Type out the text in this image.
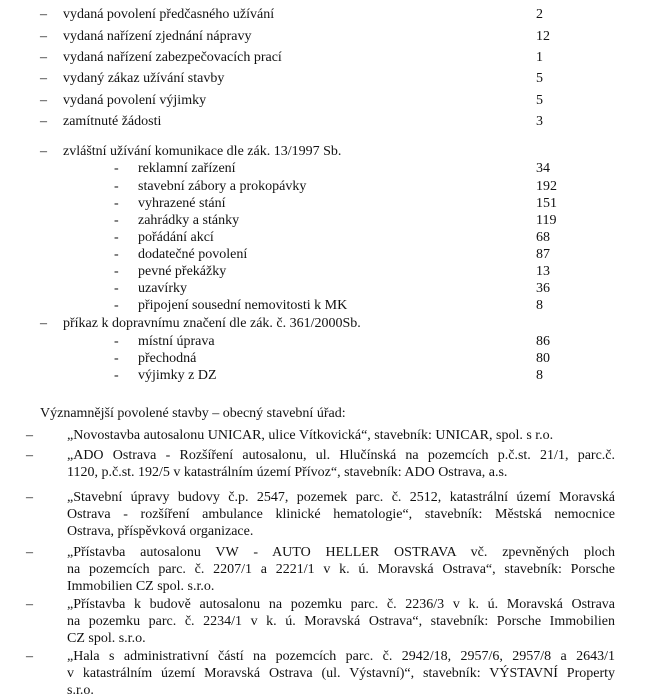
– vydaná povolení předčasného užívání	2
– vydaná nařízení zjednání nápravy	12
– vydaná nařízení zabezpečovacích prací	1
– vydaný zákaz užívání stavby	5
– vydaná povolení výjimky	5
– zamítnuté žádosti	3
– zvláštní užívání komunikace dle zák. 13/1997 Sb.
- reklamní zařízení	34
- stavební zábory a prokopávky	192
- vyhrazené stání	151
- zahrádky a stánky	119
- pořádání akcí	68
- dodatečné povolení	87
- pevné překážky	13
- uzavírky	36
- připojení sousední nemovitosti k MK	8
– příkaz k dopravnímu značení dle zák. č. 361/2000Sb.
- místní úprava	86
- přechodná	80
- výjimky z DZ	8
Významnější povolené stavby – obecný stavební úřad:
– „Novostavba autosalonu UNICAR, ulice Vítkovická“, stavebník: UNICAR, spol. s r.o.
– „ADO Ostrava - Rozšíření autosalonu, ul. Hlučínská na pozemcích p.č.st. 21/1, parc.č.
1120, p.č.st. 192/5 v katastrálním území Přívoz“, stavebník: ADO Ostrava, a.s.
– „Stavební úpravy budovy č.p. 2547, pozemek parc. č. 2512, katastrální území Moravská
Ostrava - rozšíření ambulance klinické hematologie“, stavebník: Městská nemocnice
Ostrava, příspěvková organizace.
– „Přístavba autosalonu VW - AUTO HELLER OSTRAVA vč. zpevněných ploch
na pozemcích parc. č. 2207/1 a 2221/1 v k. ú. Moravská Ostrava“, stavebník: Porsche
Immobilien CZ spol. s.r.o.
– „Přístavba k budově autosalonu na pozemku parc. č. 2236/3 v k. ú. Moravská Ostrava
na pozemku parc. č. 2234/1 v k. ú. Moravská Ostrava“, stavebník: Porsche Immobilien
CZ spol. s.r.o.
– „Hala s administrativní částí na pozemcích parc. č. 2942/18, 2957/6, 2957/8 a 2643/1
v katastrálním území Moravská Ostrava (ul. Výstavní)“, stavebník: VÝSTAVNÍ Property
s.r.o.
